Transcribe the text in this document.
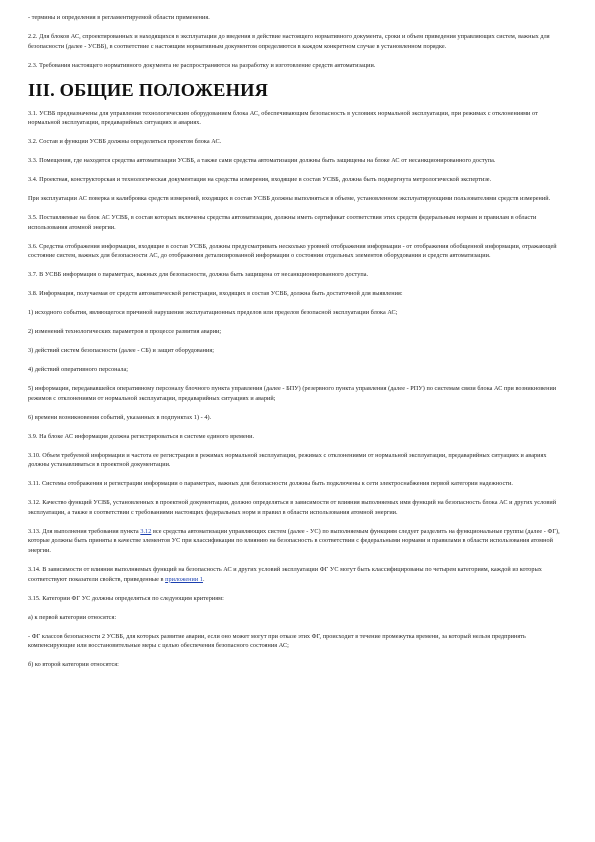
- термины и определения в регламентируемой области применения.

2.2. Для блоков АС, спроектированных и находящихся в эксплуатации до введения в действие настоящего нормативного документа, сроки и объем приведения управляющих систем, важных для безопасности (далее - УСВБ), в соответствие с настоящим нормативным документом определяются в каждом конкретном случае в установленном порядке.

2.3. Требования настоящего нормативного документа не распространяются на разработку и изготовление средств автоматизации.

III. ОБЩИЕ ПОЛОЖЕНИЯ

3.1. УСВБ предназначены для управления технологическим оборудованием блока АС, обеспечивающим безопасность в условиях нормальной эксплуатации, при режимах с отклонениями от нормальной эксплуатации, предаварийных ситуациях и авариях.

3.2. Состав и функции УСВБ должны определяться проектом блока АС.

3.3. Помещения, где находятся средства автоматизации УСВБ, а также сами средства автоматизации должны быть защищены на блоке АС от несанкционированного доступа.

3.4. Проектная, конструкторская и технологическая документация на средства измерения, входящие в состав УСВБ, должна быть подвергнута метрологической экспертизе.

При эксплуатации АС поверка и калибровка средств измерений, входящих в состав УСВБ должны выполняться в объеме, установленном эксплуатирующими пользователями средств измерений.

3.5. Поставляемые на блок АС УСВБ, в состав которых включены средства автоматизации, должны иметь сертификат соответствия этих средств федеральным нормам и правилам в области использования атомной энергии.

3.6. Средства отображения информации, входящие в состав УСВБ, должны предусматривать несколько уровней отображения информации - от отображения обобщенной информации, отражающей состояние систем, важных для безопасности АС, до отображения детализированной информации о состоянии отдельных элементов оборудования и средств автоматизации.

3.7. В УСВБ информация о параметрах, важных для безопасности, должна быть защищена от несанкционированного доступа.

3.8. Информация, получаемая от средств автоматической регистрации, входящих в состав УСВБ, должна быть достаточной для выявления:

1) исходного события, являющегося причиной нарушения эксплуатационных пределов или пределов безопасной эксплуатации блока АС;

2) изменений технологических параметров в процессе развития аварии;

3) действий систем безопасности (далее - СБ) и защит оборудования;

4) действий оперативного персонала;

5) информации, передававшейся оперативному персоналу блочного пункта управления (далее - БПУ) (резервного пункта управления (далее - РПУ) по системам связи блока АС при возникновении режимов с отклонениями от нормальной эксплуатации, предаварийных ситуациях и аварий;

6) времени возникновения событий, указанных в подпунктах 1) - 4).

3.9. На блоке АС информация должна регистрироваться в системе единого времени.

3.10. Объем требуемой информации и частота ее регистрации в режимах нормальной эксплуатации, режимах с отклонениями от нормальной эксплуатации, предаварийных ситуациях и авариях должны устанавливаться в проектной документации.

3.11. Системы отображения и регистрации информации о параметрах, важных для безопасности должны быть подключены к сети электроснабжения первой категории надежности.

3.12. Качество функций УСВБ, установленных в проектной документации, должно определяться в зависимости от влияния выполняемых ими функций на безопасность блока АС и других условий эксплуатации, а также в соответствии с требованиями настоящих федеральных норм и правил в области использования атомной энергии.

3.13. Для выполнения требования пункта 3.12 все средства автоматизации управляющих систем (далее - УС) по выполняемым функциям следует разделить на функциональные группы (далее - ФГ), которые должны быть приняты в качестве элементов УС при классификации по влиянию на безопасность в соответствии с федеральными нормами и правилами в области использования атомной энергии.

3.14. В зависимости от влияния выполняемых функций на безопасность АС и других условий эксплуатации ФГ УС могут быть классифицированы по четырем категориям, каждой из которых соответствуют показатели свойств, приведенные в приложении 1.

3.15. Категории ФГ УС должны определяться по следующим критериям:

а) к первой категории относятся:

- ФГ классов безопасности 2 УСВБ, для которых развитие аварии, если оно может могут при отказе этих ФГ, происходит в течение промежутка времени, за который нельзя предпринять компенсирующие или восстановительные меры с целью обеспечения безопасного состояния АС;

б) ко второй категории относятся:
